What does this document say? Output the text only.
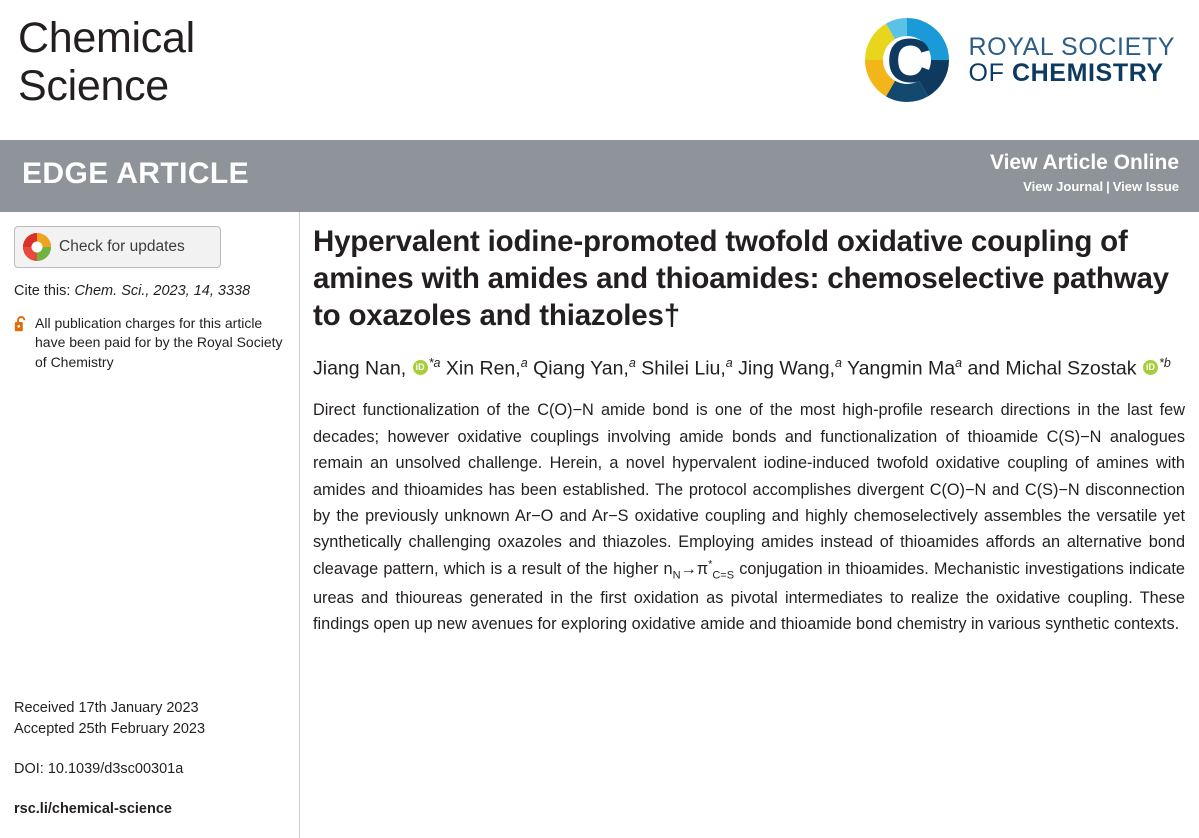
Chemical
Science	C ROYAL SOCIETY
OF CHEMISTRY
EDGE ARTICLE	View Article Online
View Journal | View Issue
Check for updates
Cite this: Chem. Sci., 2023, 14, 3338
All publication charges for this article have been paid for by the Royal Society of Chemistry
Received 17th January 2023
Accepted 25th February 2023
DOI: 10.1039/d3sc00301a
rsc.li/chemical-science
Hypervalent iodine-promoted twofold oxidative coupling of amines with amides and thioamides: chemoselective pathway to oxazoles and thiazoles†
Jiang Nan, iD $^{*a}$ Xin Ren,$^a$ Qiang Yan,$^a$ Shilei Liu,$^a$ Jing Wang,$^a$ Yangmin Ma$^a$ and Michal Szostak iD $^{*b}$
Direct functionalization of the C(O)−N amide bond is one of the most high-profile research directions in the last few decades; however oxidative couplings involving amide bonds and functionalization of thioamide C(S)−N analogues remain an unsolved challenge. Herein, a novel hypervalent iodine-induced twofold oxidative coupling of amines with amides and thioamides has been established. The protocol accomplishes divergent C(O)−N and C(S)−N disconnection by the previously unknown Ar−O and Ar−S oxidative coupling and highly chemoselectively assembles the versatile yet synthetically challenging oxazoles and thiazoles. Employing amides instead of thioamides affords an alternative bond cleavage pattern, which is a result of the higher $n_N\to\pi^*_{C=S}$ conjugation in thioamides. Mechanistic investigations indicate ureas and thioureas generated in the first oxidation as pivotal intermediates to realize the oxidative coupling. These findings open up new avenues for exploring oxidative amide and thioamide bond chemistry in various synthetic contexts.
